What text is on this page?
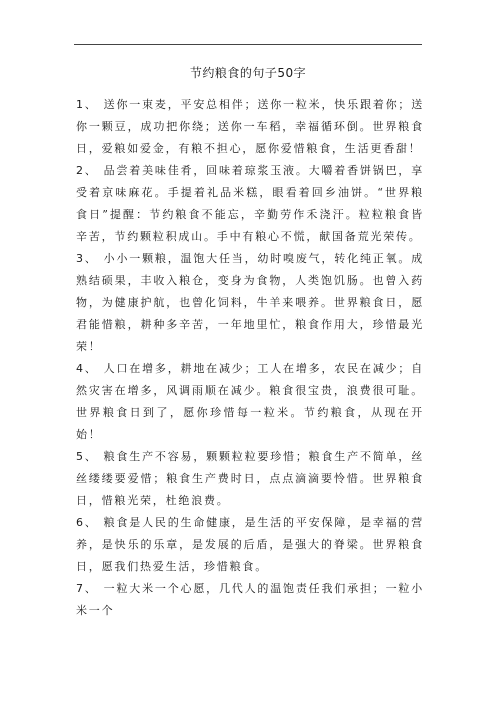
节约粮食的句子50字

1、 送你一束麦，平安总相伴；送你一粒米，快乐跟着你；送你一颗豆，成功把你绕；送你一车稻，幸福循环倒。世界粮食日，爱粮如爱金，有粮不担心，愿你爱惜粮食，生活更香甜！

2、 品尝着美味佳肴，回味着琼浆玉液。大嚼着香饼锅巴，享受着京味麻花。手提着礼品米糕，眼看着回乡油饼。“世界粮食日”提醒：节约粮食不能忘，辛勤劳作禾浇汗。粒粒粮食皆辛苦，节约颗粒积成山。手中有粮心不慌，献国备荒光荣传。

3、 小小一颗粮，温饱大任当，幼时嗅废气，转化纯正氧。成熟结硕果，丰收入粮仓，变身为食物，人类饱饥肠。也曾入药物，为健康护航，也曾化饲料，牛羊来喂养。世界粮食日，愿君能惜粮，耕种多辛苦，一年地里忙，粮食作用大，珍惜最光荣！

4、 人口在增多，耕地在减少；工人在增多，农民在减少；自然灾害在增多，风调雨顺在减少。粮食很宝贵，浪费很可耻。世界粮食日到了，愿你珍惜每一粒米。节约粮食，从现在开始！

5、 粮食生产不容易，颗颗粒粒要珍惜；粮食生产不简单，丝丝缕缕要爱惜；粮食生产费时日，点点滴滴要怜惜。世界粮食日，惜粮光荣，杜绝浪费。

6、 粮食是人民的生命健康，是生活的平安保障，是幸福的营养，是快乐的乐章，是发展的后盾，是强大的脊梁。世界粮食日，愿我们热爱生活，珍惜粮食。

7、 一粒大米一个心愿，几代人的温饱责任我们承担；一粒小米一个
